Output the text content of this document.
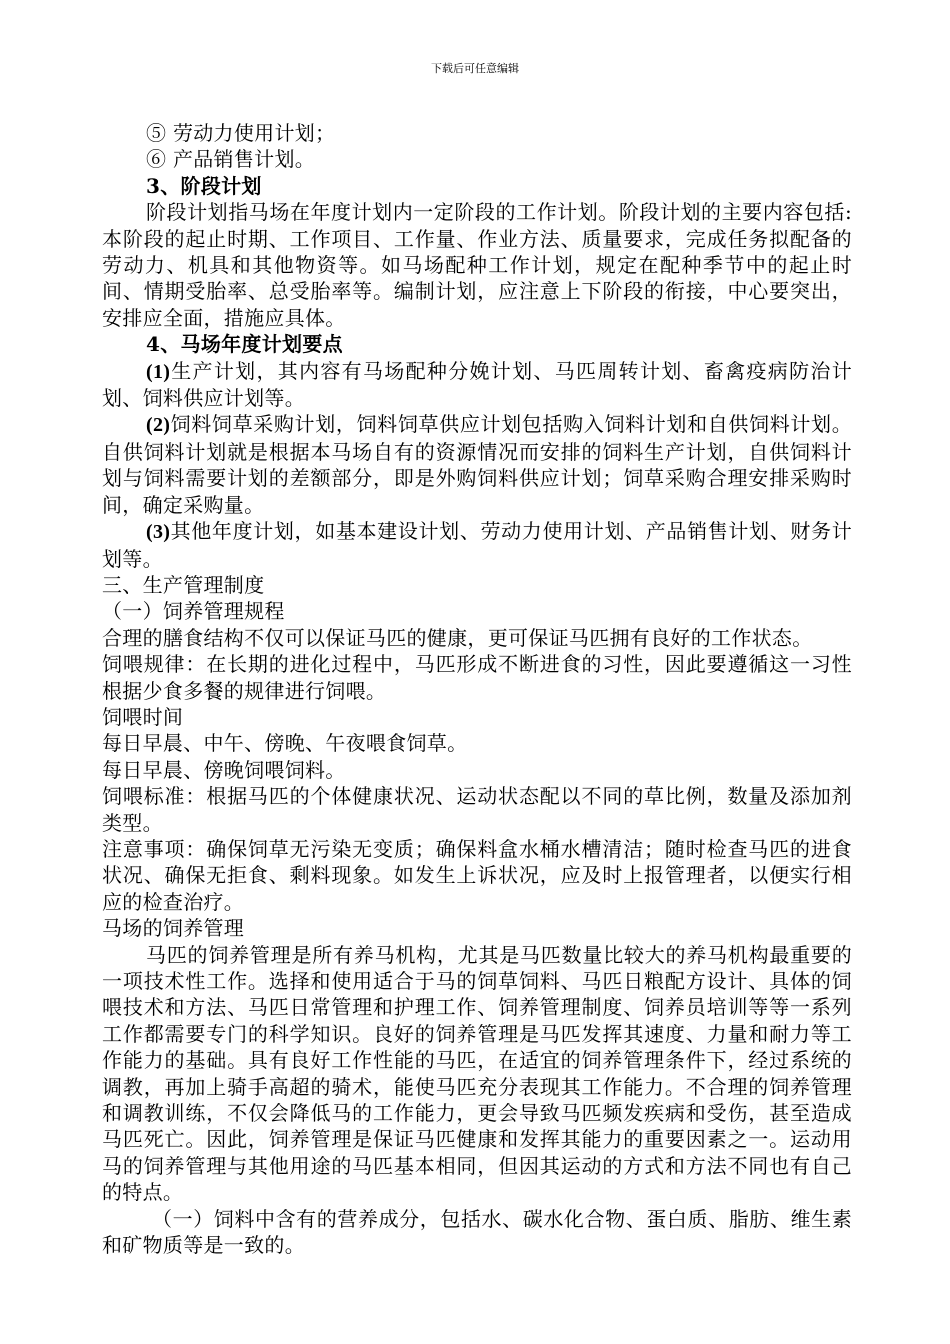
下载后可任意编辑

⑤ 劳动力使用计划；

⑥ 产品销售计划。

3、阶段计划

阶段计划指马场在年度计划内一定阶段的工作计划。阶段计划的主要内容包括:本阶段的起止时期、工作项目、工作量、作业方法、质量要求，完成任务拟配备的劳动力、机具和其他物资等。如马场配种工作计划，规定在配种季节中的起止时间、情期受胎率、总受胎率等。编制计划，应注意上下阶段的衔接，中心要突出，安排应全面，措施应具体。

4、马场年度计划要点

(1)生产计划，其内容有马场配种分娩计划、马匹周转计划、畜禽疫病防治计划、饲料供应计划等。

(2)饲料饲草采购计划，饲料饲草供应计划包括购入饲料计划和自供饲料计划。自供饲料计划就是根据本马场自有的资源情况而安排的饲料生产计划，自供饲料计划与饲料需要计划的差额部分，即是外购饲料供应计划；饲草采购合理安排采购时间，确定采购量。

(3)其他年度计划，如基本建设计划、劳动力使用计划、产品销售计划、财务计划等。

三、生产管理制度

（一）饲养管理规程

合理的膳食结构不仅可以保证马匹的健康，更可保证马匹拥有良好的工作状态。

饲喂规律：在长期的进化过程中，马匹形成不断进食的习性，因此要遵循这一习性根据少食多餐的规律进行饲喂。

饲喂时间

每日早晨、中午、傍晚、午夜喂食饲草。

每日早晨、傍晚饲喂饲料。

饲喂标准：根据马匹的个体健康状况、运动状态配以不同的草比例，数量及添加剂类型。

注意事项：确保饲草无污染无变质；确保料盒水桶水槽清洁；随时检查马匹的进食状况、确保无拒食、剩料现象。如发生上诉状况，应及时上报管理者，以便实行相应的检查治疗。

马场的饲养管理

马匹的饲养管理是所有养马机构，尤其是马匹数量比较大的养马机构最重要的一项技术性工作。选择和使用适合于马的饲草饲料、马匹日粮配方设计、具体的饲喂技术和方法、马匹日常管理和护理工作、饲养管理制度、饲养员培训等等一系列工作都需要专门的科学知识。良好的饲养管理是马匹发挥其速度、力量和耐力等工作能力的基础。具有良好工作性能的马匹，在适宜的饲养管理条件下，经过系统的调教，再加上骑手高超的骑术，能使马匹充分表现其工作能力。不合理的饲养管理和调教训练，不仅会降低马的工作能力，更会导致马匹频发疾病和受伤，甚至造成马匹死亡。因此，饲养管理是保证马匹健康和发挥其能力的重要因素之一。运动用马的饲养管理与其他用途的马匹基本相同，但因其运动的方式和方法不同也有自己的特点。

（一）饲料中含有的营养成分，包括水、碳水化合物、蛋白质、脂肪、维生素和矿物质等是一致的。
